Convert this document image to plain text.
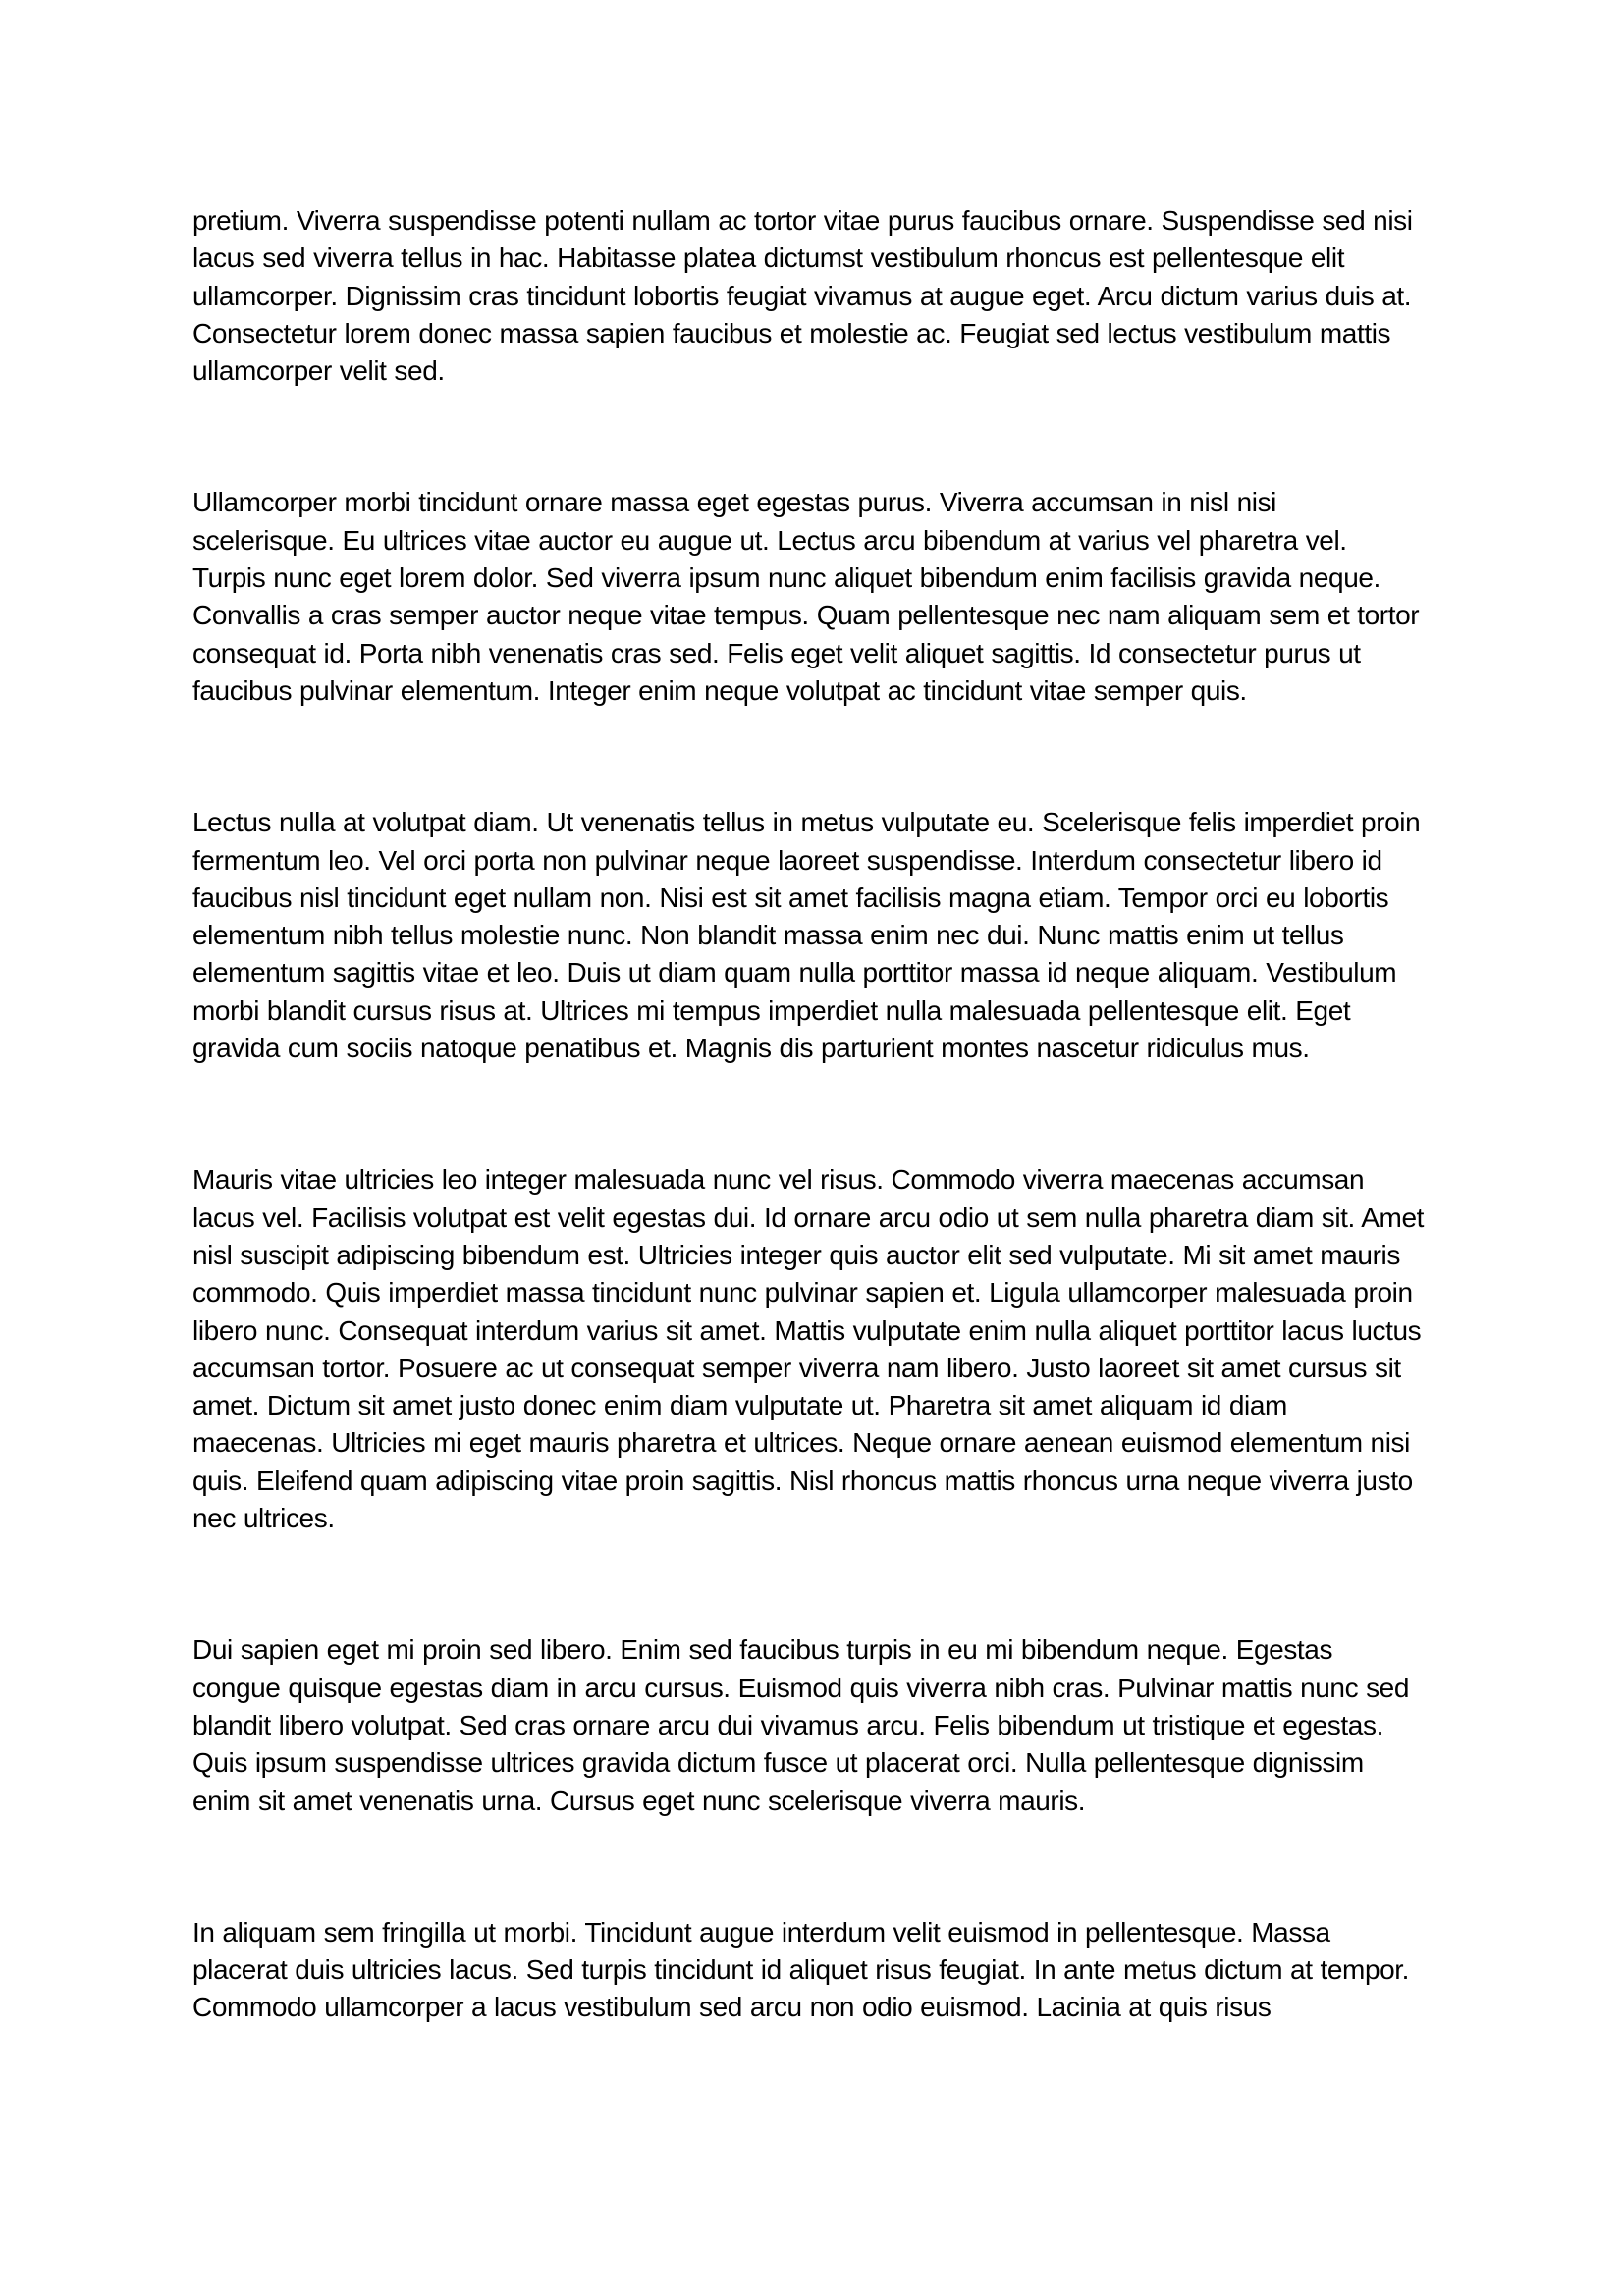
pretium. Viverra suspendisse potenti nullam ac tortor vitae purus faucibus ornare. Suspendisse sed nisi lacus sed viverra tellus in hac. Habitasse platea dictumst vestibulum rhoncus est pellentesque elit ullamcorper. Dignissim cras tincidunt lobortis feugiat vivamus at augue eget. Arcu dictum varius duis at. Consectetur lorem donec massa sapien faucibus et molestie ac. Feugiat sed lectus vestibulum mattis ullamcorper velit sed.

Ullamcorper morbi tincidunt ornare massa eget egestas purus. Viverra accumsan in nisl nisi scelerisque. Eu ultrices vitae auctor eu augue ut. Lectus arcu bibendum at varius vel pharetra vel. Turpis nunc eget lorem dolor. Sed viverra ipsum nunc aliquet bibendum enim facilisis gravida neque. Convallis a cras semper auctor neque vitae tempus. Quam pellentesque nec nam aliquam sem et tortor consequat id. Porta nibh venenatis cras sed. Felis eget velit aliquet sagittis. Id consectetur purus ut faucibus pulvinar elementum. Integer enim neque volutpat ac tincidunt vitae semper quis.

Lectus nulla at volutpat diam. Ut venenatis tellus in metus vulputate eu. Scelerisque felis imperdiet proin fermentum leo. Vel orci porta non pulvinar neque laoreet suspendisse. Interdum consectetur libero id faucibus nisl tincidunt eget nullam non. Nisi est sit amet facilisis magna etiam. Tempor orci eu lobortis elementum nibh tellus molestie nunc. Non blandit massa enim nec dui. Nunc mattis enim ut tellus elementum sagittis vitae et leo. Duis ut diam quam nulla porttitor massa id neque aliquam. Vestibulum morbi blandit cursus risus at. Ultrices mi tempus imperdiet nulla malesuada pellentesque elit. Eget gravida cum sociis natoque penatibus et. Magnis dis parturient montes nascetur ridiculus mus.

Mauris vitae ultricies leo integer malesuada nunc vel risus. Commodo viverra maecenas accumsan lacus vel. Facilisis volutpat est velit egestas dui. Id ornare arcu odio ut sem nulla pharetra diam sit. Amet nisl suscipit adipiscing bibendum est. Ultricies integer quis auctor elit sed vulputate. Mi sit amet mauris commodo. Quis imperdiet massa tincidunt nunc pulvinar sapien et. Ligula ullamcorper malesuada proin libero nunc. Consequat interdum varius sit amet. Mattis vulputate enim nulla aliquet porttitor lacus luctus accumsan tortor. Posuere ac ut consequat semper viverra nam libero. Justo laoreet sit amet cursus sit amet. Dictum sit amet justo donec enim diam vulputate ut. Pharetra sit amet aliquam id diam maecenas. Ultricies mi eget mauris pharetra et ultrices. Neque ornare aenean euismod elementum nisi quis. Eleifend quam adipiscing vitae proin sagittis. Nisl rhoncus mattis rhoncus urna neque viverra justo nec ultrices.

Dui sapien eget mi proin sed libero. Enim sed faucibus turpis in eu mi bibendum neque. Egestas congue quisque egestas diam in arcu cursus. Euismod quis viverra nibh cras. Pulvinar mattis nunc sed blandit libero volutpat. Sed cras ornare arcu dui vivamus arcu. Felis bibendum ut tristique et egestas. Quis ipsum suspendisse ultrices gravida dictum fusce ut placerat orci. Nulla pellentesque dignissim enim sit amet venenatis urna. Cursus eget nunc scelerisque viverra mauris.

In aliquam sem fringilla ut morbi. Tincidunt augue interdum velit euismod in pellentesque. Massa placerat duis ultricies lacus. Sed turpis tincidunt id aliquet risus feugiat. In ante metus dictum at tempor. Commodo ullamcorper a lacus vestibulum sed arcu non odio euismod. Lacinia at quis risus
